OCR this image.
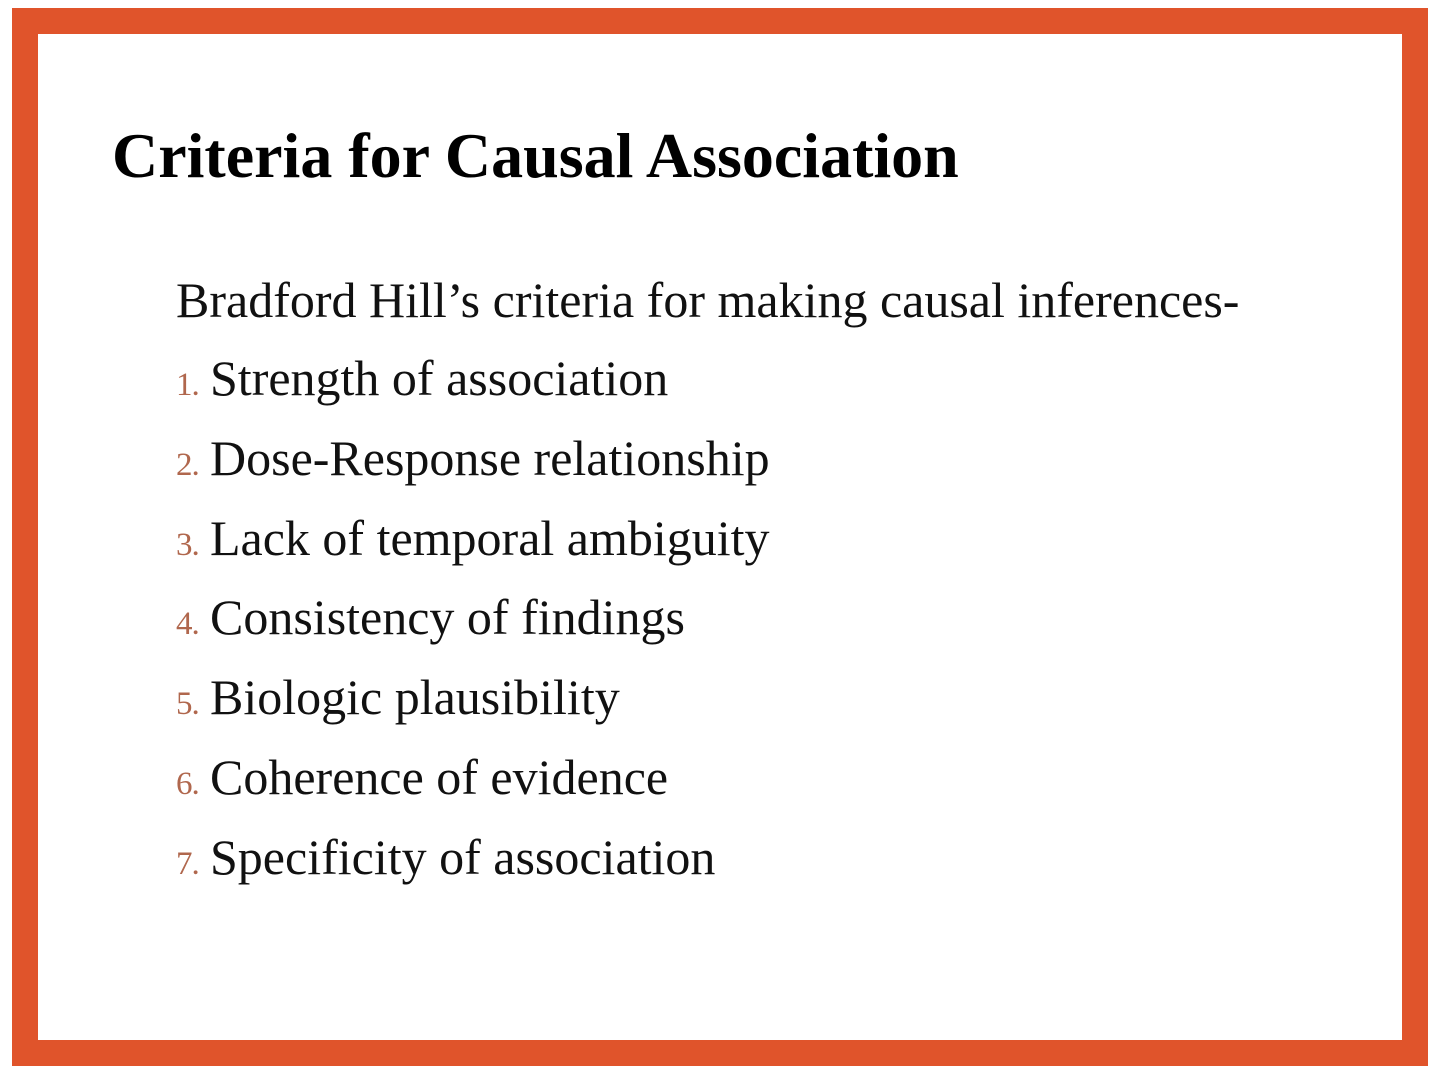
Criteria for Causal Association
Bradford Hill’s criteria for making causal inferences-
1. Strength of association
2. Dose-Response relationship
3. Lack of temporal ambiguity
4. Consistency of findings
5. Biologic plausibility
6. Coherence of evidence
7. Specificity of association
